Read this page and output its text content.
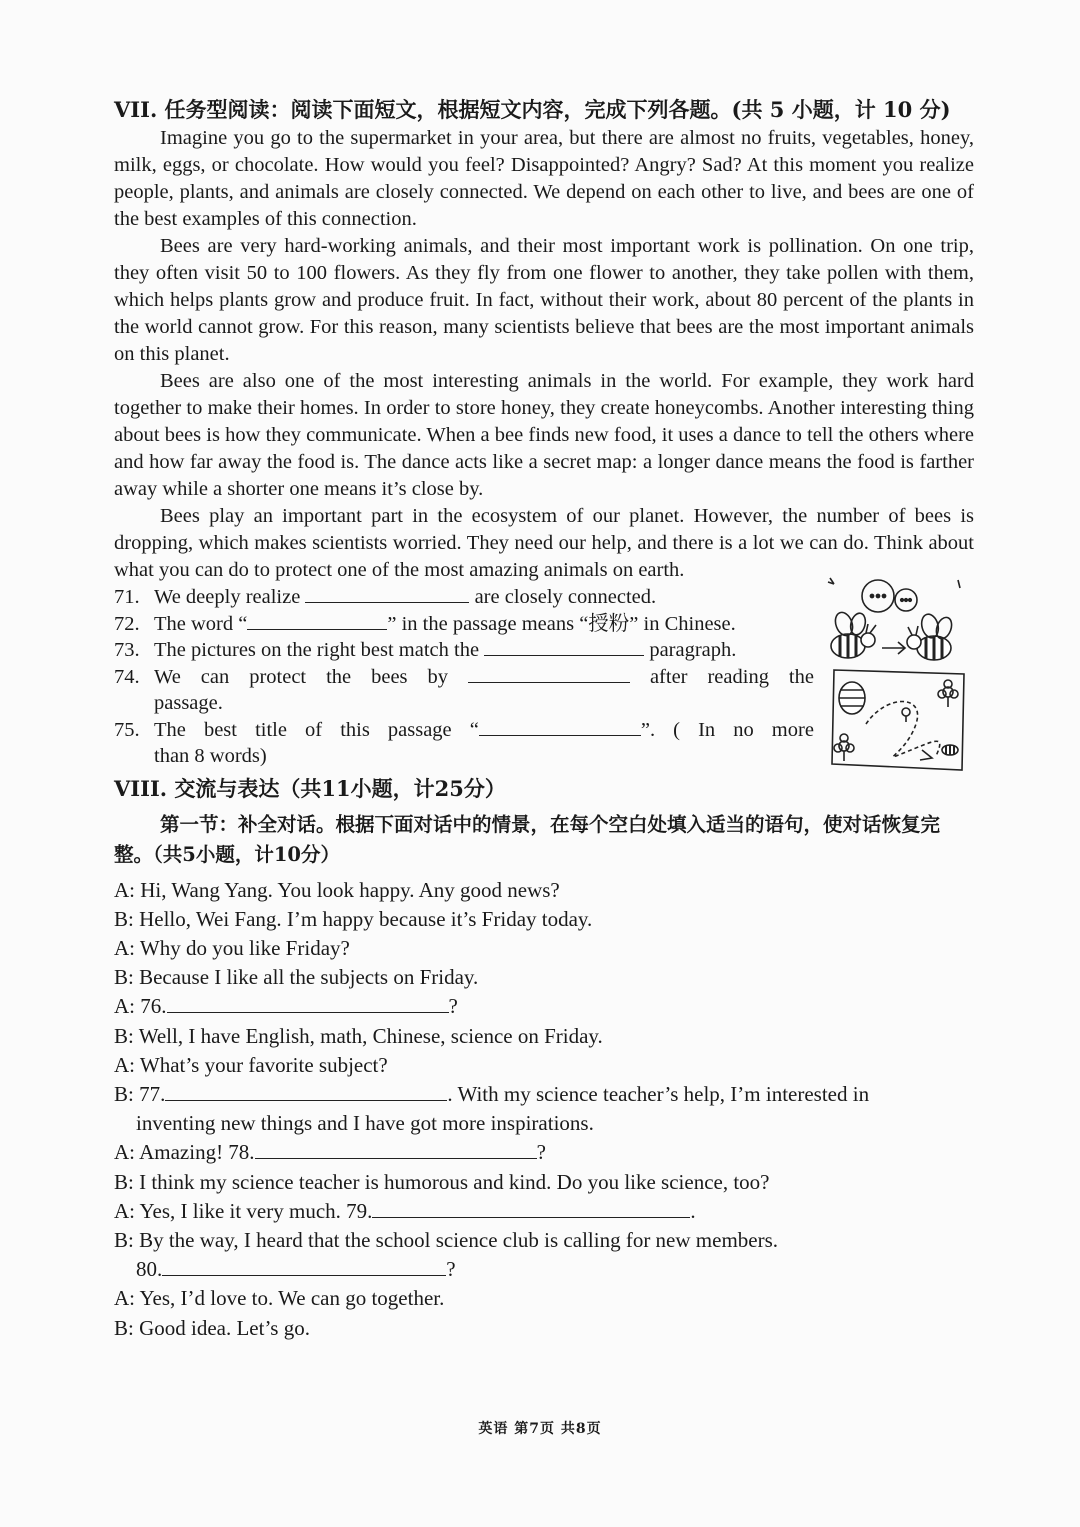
VII. 任务型阅读：阅读下面短文，根据短文内容，完成下列各题。(共 5 小题，计 10 分)

Imagine you go to the supermarket in your area, but there are almost no fruits, vegetables, honey, milk, eggs, or chocolate. How would you feel? Disappointed? Angry? Sad? At this moment you realize people, plants, and animals are closely connected. We depend on each other to live, and bees are one of the best examples of this connection.

Bees are very hard-working animals, and their most important work is pollination. On one trip, they often visit 50 to 100 flowers. As they fly from one flower to another, they take pollen with them, which helps plants grow and produce fruit. In fact, without their work, about 80 percent of the plants in the world cannot grow. For this reason, many scientists believe that bees are the most important animals on this planet.

Bees are also one of the most interesting animals in the world. For example, they work hard together to make their homes. In order to store honey, they create honeycombs. Another interesting thing about bees is how they communicate. When a bee finds new food, it uses a dance to tell the others where and how far away the food is. The dance acts like a secret map: a longer dance means the food is farther away while a shorter one means it’s close by.

Bees play an important part in the ecosystem of our planet. However, the number of bees is dropping, which makes scientists worried. They need our help, and there is a lot we can do. Think about what you can do to protect one of the most amazing animals on earth.

71. We deeply realize	are closely connected.
72. The word “	” in the passage means “授粉” in Chinese.
73. The pictures on the right best match the	paragraph.
74. We can protect the bees by	after reading the
passage.
75. The best title of this passage “	”. ( In no more
than 8 words)

VIII. 交流与表达（共11小题，计25分）

第一节：补全对话。根据下面对话中的情景，在每个空白处填入适当的语句，使对话恢复完整。（共5小题，计10分）

A: Hi, Wang Yang. You look happy. Any good news?

B: Hello, Wei Fang. I’m happy because it’s Friday today.

A: Why do you like Friday?

B: Because I like all the subjects on Friday.

A: 76.	?

B: Well, I have English, math, Chinese, science on Friday.

A: What’s your favorite subject?

B: 77.	. With my science teacher’s help, I’m interested in

inventing new things and I have got more inspirations.

A: Amazing! 78.	?

B: I think my science teacher is humorous and kind. Do you like science, too?

A: Yes, I like it very much. 79.	.

B: By the way, I heard that the school science club is calling for new members.

80.	?

A: Yes, I’d love to. We can go together.

B: Good idea. Let’s go.

英语 第7页 共8页
